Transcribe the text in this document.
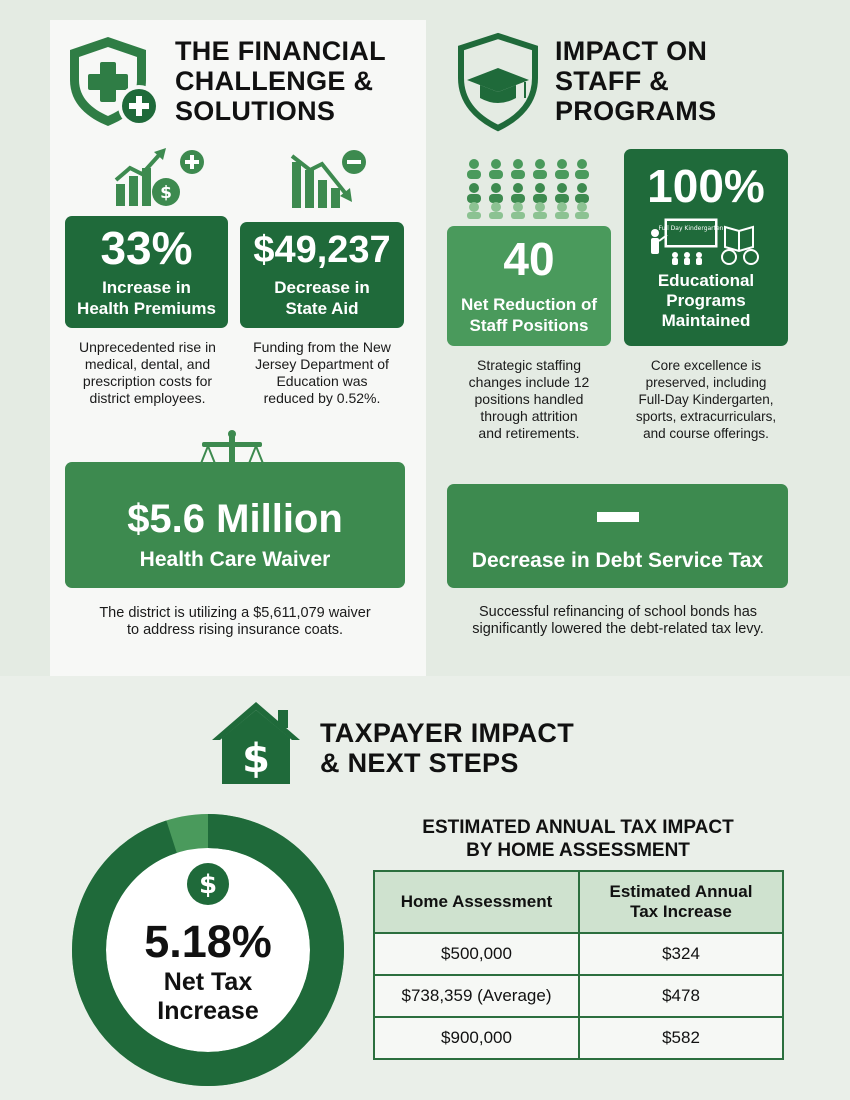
THE FINANCIAL
CHALLENGE &
SOLUTIONS
$
33%
Increase in
Health Premiums
Unprecedented rise in
medical, dental, and
prescription costs for
district employees.
$49,237
Decrease in
State Aid
Funding from the New
Jersey Department of
Education was
reduced by 0.52%.
$5.6 Million
Health Care Waiver
The district is utilizing a $5,611,079 waiver
to address rising insurance coats.
IMPACT ON
STAFF &
PROGRAMS
40
Net Reduction of
Staff Positions
Strategic staffing
changes include 12
positions handled
through attrition
and retirements.
100%
Full Day Kindergarten
Educational
Programs
Maintained
Core excellence is
preserved, including
Full-Day Kindergarten,
sports, extracurriculars,
and course offerings.
Decrease in Debt Service Tax
Successful refinancing of school bonds has
significantly lowered the debt-related tax levy.
$
TAXPAYER IMPACT
& NEXT STEPS
$
5.18%
Net Tax
Increase
ESTIMATED ANNUAL TAX IMPACT
BY HOME ASSESSMENT
Home Assessment	Estimated Annual Tax Increase

$500,000	$324
$738,359 (Average)	$478
$900,000	$582
